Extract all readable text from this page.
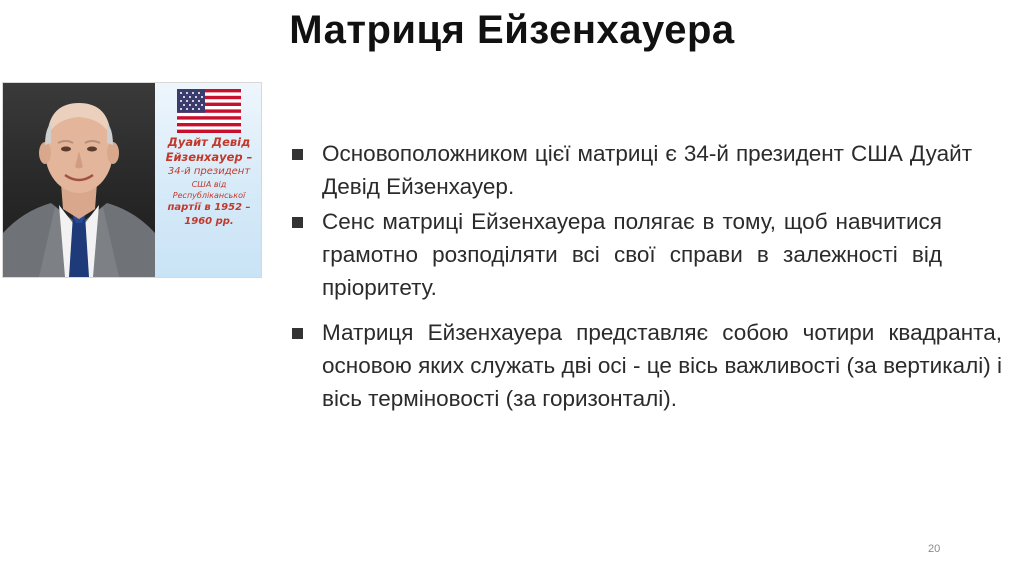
Матриця Ейзенхауера
Дуайт Девід Ейзенхауер –
34-й президент
США від
Республіканської
партії в 1952 –
1960 рр.
Основоположником цієї матриці є 34-й президент США Дуайт Девід Ейзенхауер.
Сенс матриці Ейзенхауера полягає в тому, щоб навчитися грамотно розподіляти всі свої справи в залежності від пріоритету.
Матриця Ейзенхауера представляє собою чотири квадранта, основою яких служать дві осі - це вісь важливості (за вертикалі) і вісь терміновості (за горизонталі).
20
